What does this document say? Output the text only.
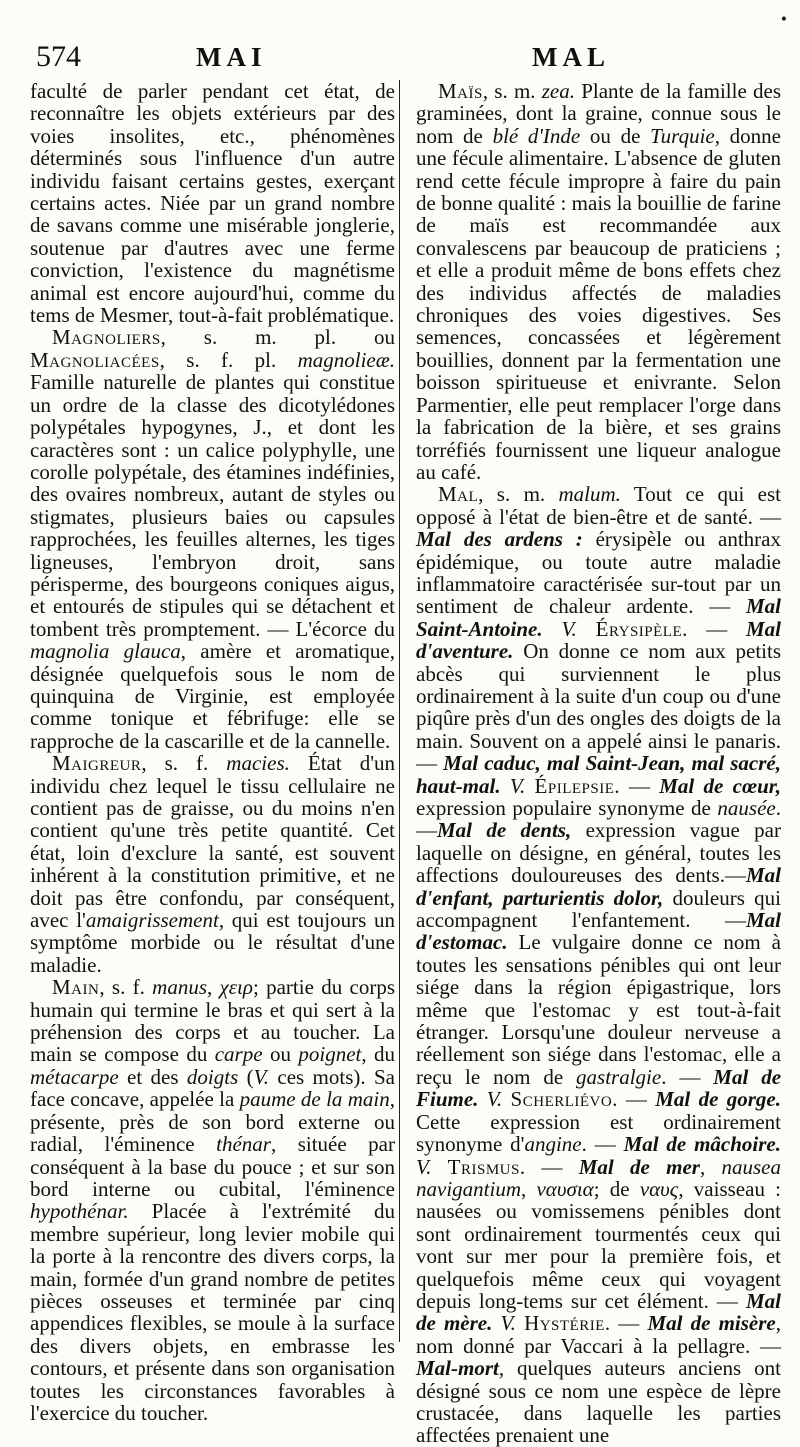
574	MAI	MAL
•

faculté de parler pendant cet état, de reconnaître les objets extérieurs par des voies insolites, etc., phénomènes déterminés sous l'influence d'un autre individu faisant certains gestes, exerçant certains actes. Niée par un grand nombre de savans comme une misérable jonglerie, soutenue par d'autres avec une ferme conviction, l'existence du magnétisme animal est encore aujourd'hui, comme du tems de Mesmer, tout-à-fait problématique.

Magnoliers, s. m. pl. ou Magnoliacées, s. f. pl. magnolieæ. Famille naturelle de plantes qui constitue un ordre de la classe des dicotylédones polypétales hypogynes, J., et dont les caractères sont : un calice polyphylle, une corolle polypétale, des étamines indéfinies, des ovaires nombreux, autant de styles ou stigmates, plusieurs baies ou capsules rapprochées, les feuilles alternes, les tiges ligneuses, l'embryon droit, sans périsperme, des bourgeons coniques aigus, et entourés de stipules qui se détachent et tombent très promptement. — L'écorce du magnolia glauca, amère et aromatique, désignée quelquefois sous le nom de quinquina de Virginie, est employée comme tonique et fébrifuge: elle se rapproche de la cascarille et de la cannelle.

Maigreur, s. f. macies. État d'un individu chez lequel le tissu cellulaire ne contient pas de graisse, ou du moins n'en contient qu'une très petite quantité. Cet état, loin d'exclure la santé, est souvent inhérent à la constitution primitive, et ne doit pas être confondu, par conséquent, avec l'amaigrissement, qui est toujours un symptôme morbide ou le résultat d'une maladie.

Main, s. f. manus, χειρ; partie du corps humain qui termine le bras et qui sert à la préhension des corps et au toucher. La main se compose du carpe ou poignet, du métacarpe et des doigts (V. ces mots). Sa face concave, appelée la paume de la main, présente, près de son bord externe ou radial, l'éminence thénar, située par conséquent à la base du pouce ; et sur son bord interne ou cubital, l'éminence hypothénar. Placée à l'extrémité du membre supérieur, long levier mobile qui la porte à la rencontre des divers corps, la main, formée d'un grand nombre de petites pièces osseuses et terminée par cinq appendices flexibles, se moule à la surface des divers objets, en embrasse les contours, et présente dans son organisation toutes les circonstances favorables à l'exercice du toucher.

Maïs, s. m. zea. Plante de la famille des graminées, dont la graine, connue sous le nom de blé d'Inde ou de Turquie, donne une fécule alimentaire. L'absence de gluten rend cette fécule impropre à faire du pain de bonne qualité : mais la bouillie de farine de maïs est recommandée aux convalescens par beaucoup de praticiens ; et elle a produit même de bons effets chez des individus affectés de maladies chroniques des voies digestives. Ses semences, concassées et légèrement bouillies, donnent par la fermentation une boisson spiritueuse et enivrante. Selon Parmentier, elle peut remplacer l'orge dans la fabrication de la bière, et ses grains torréfiés fournissent une liqueur analogue au café.

Mal, s. m. malum. Tout ce qui est opposé à l'état de bien-être et de santé. — Mal des ardens : érysipèle ou anthrax épidémique, ou toute autre maladie inflammatoire caractérisée sur-tout par un sentiment de chaleur ardente. — Mal Saint-Antoine. V. Érysipèle. — Mal d'aventure. On donne ce nom aux petits abcès qui surviennent le plus ordinairement à la suite d'un coup ou d'une piqûre près d'un des ongles des doigts de la main. Souvent on a appelé ainsi le panaris.— Mal caduc, mal Saint-Jean, mal sacré, haut-mal. V. Épilepsie. — Mal de cœur, expression populaire synonyme de nausée.—Mal de dents, expression vague par laquelle on désigne, en général, toutes les affections douloureuses des dents.—Mal d'enfant, parturientis dolor, douleurs qui accompagnent l'enfantement. —Mal d'estomac. Le vulgaire donne ce nom à toutes les sensations pénibles qui ont leur siége dans la région épigastrique, lors même que l'estomac y est tout-à-fait étranger. Lorsqu'une douleur nerveuse a réellement son siége dans l'estomac, elle a reçu le nom de gastralgie. — Mal de Fiume. V. Scherliévo. — Mal de gorge. Cette expression est ordinairement synonyme d'angine. — Mal de mâchoire. V. Trismus. — Mal de mer, nausea navigantium, ναυσια; de ναυς, vaisseau : nausées ou vomissemens pénibles dont sont ordinairement tourmentés ceux qui vont sur mer pour la première fois, et quelquefois même ceux qui voyagent depuis long-tems sur cet élément. — Mal de mère. V. Hystérie. — Mal de misère, nom donné par Vaccari à la pellagre. — Mal-mort, quelques auteurs anciens ont désigné sous ce nom une espèce de lèpre crustacée, dans laquelle les parties affectées prenaient une
